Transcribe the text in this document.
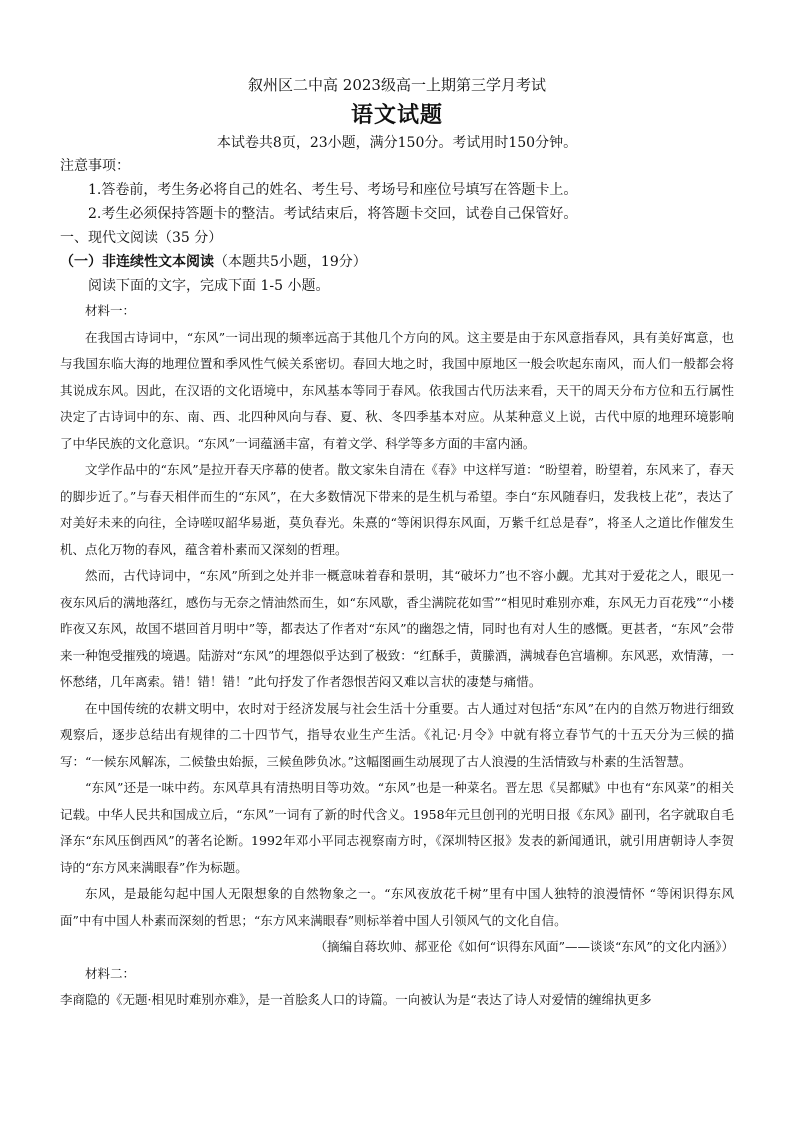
叙州区二中高 2023级高一上期第三学月考试

语文试题

本试卷共8页，23小题，满分150分。考试用时150分钟。

注意事项：

1.答卷前，考生务必将自己的姓名、考生号、考场号和座位号填写在答题卡上。

2.考生必须保持答题卡的整洁。考试结束后，将答题卡交回，试卷自己保管好。

一、现代文阅读（35 分）

（一）非连续性文本阅读（本题共5小题，19分）

阅读下面的文字，完成下面 1-5 小题。

材料一：

在我国古诗词中，“东风”一词出现的频率远高于其他几个方向的风。这主要是由于东风意指春风，具有美好寓意，也与我国东临大海的地理位置和季风性气候关系密切。春回大地之时，我国中原地区一般会吹起东南风，而人们一般都会将其说成东风。因此，在汉语的文化语境中，东风基本等同于春风。依我国古代历法来看，天干的周天分布方位和五行属性决定了古诗词中的东、南、西、北四种风向与春、夏、秋、冬四季基本对应。从某种意义上说，古代中原的地理环境影响了中华民族的文化意识。“东风”一词蕴涵丰富，有着文学、科学等多方面的丰富内涵。

文学作品中的“东风”是拉开春天序幕的使者。散文家朱自清在《春》中这样写道：“盼望着，盼望着，东风来了，春天的脚步近了。”与春天相伴而生的“东风”，在大多数情况下带来的是生机与希望。李白“东风随春归，发我枝上花”，表达了对美好未来的向往，全诗嗟叹韶华易逝，莫负春光。朱熹的“等闲识得东风面，万紫千红总是春”，将圣人之道比作催发生机、点化万物的春风，蕴含着朴素而又深刻的哲理。

然而，古代诗词中，“东风”所到之处并非一概意味着春和景明，其“破坏力”也不容小觑。尤其对于爱花之人，眼见一夜东风后的满地落红，感伤与无奈之情油然而生，如“东风歇，香尘满院花如雪”“相见时难别亦难，东风无力百花残”“小楼昨夜又东风，故国不堪回首月明中”等，都表达了作者对“东风”的幽怨之情，同时也有对人生的感慨。更甚者，“东风”会带来一种饱受摧残的境遇。陆游对“东风”的埋怨似乎达到了极致：“红酥手，黄縢酒，满城春色宫墙柳。东风恶，欢情薄，一怀愁绪，几年离索。错！错！错！”此句抒发了作者怨恨苦闷又难以言状的凄楚与痛惜。

在中国传统的农耕文明中，农时对于经济发展与社会生活十分重要。古人通过对包括“东风”在内的自然万物进行细致观察后，逐步总结出有规律的二十四节气，指导农业生产生活。《礼记·月令》中就有将立春节气的十五天分为三候的描写：“一候东风解冻，二候蛰虫始振，三候鱼陟负冰。”这幅图画生动展现了古人浪漫的生活情致与朴素的生活智慧。

“东风”还是一味中药。东风草具有清热明目等功效。“东风”也是一种菜名。晋左思《吴都赋》中也有“东风菜”的相关记载。中华人民共和国成立后，“东风”一词有了新的时代含义。1958年元旦创刊的光明日报《东风》副刊，名字就取自毛泽东“东风压倒西风”的著名论断。1992年邓小平同志视察南方时，《深圳特区报》发表的新闻通讯，就引用唐朝诗人李贺诗的“东方风来满眼春”作为标题。

东风，是最能勾起中国人无限想象的自然物象之一。“东风夜放花千树”里有中国人独特的浪漫情怀 “等闲识得东风面”中有中国人朴素而深刻的哲思；“东方风来满眼春”则标举着中国人引领风气的文化自信。

（摘编自蒋坎帅、郝亚伦《如何“识得东风面”——谈谈“东风”的文化内涵》）

材料二：

李商隐的《无题·相见时难别亦难》，是一首脍炙人口的诗篇。一向被认为是“表达了诗人对爱情的缠绵执更多
